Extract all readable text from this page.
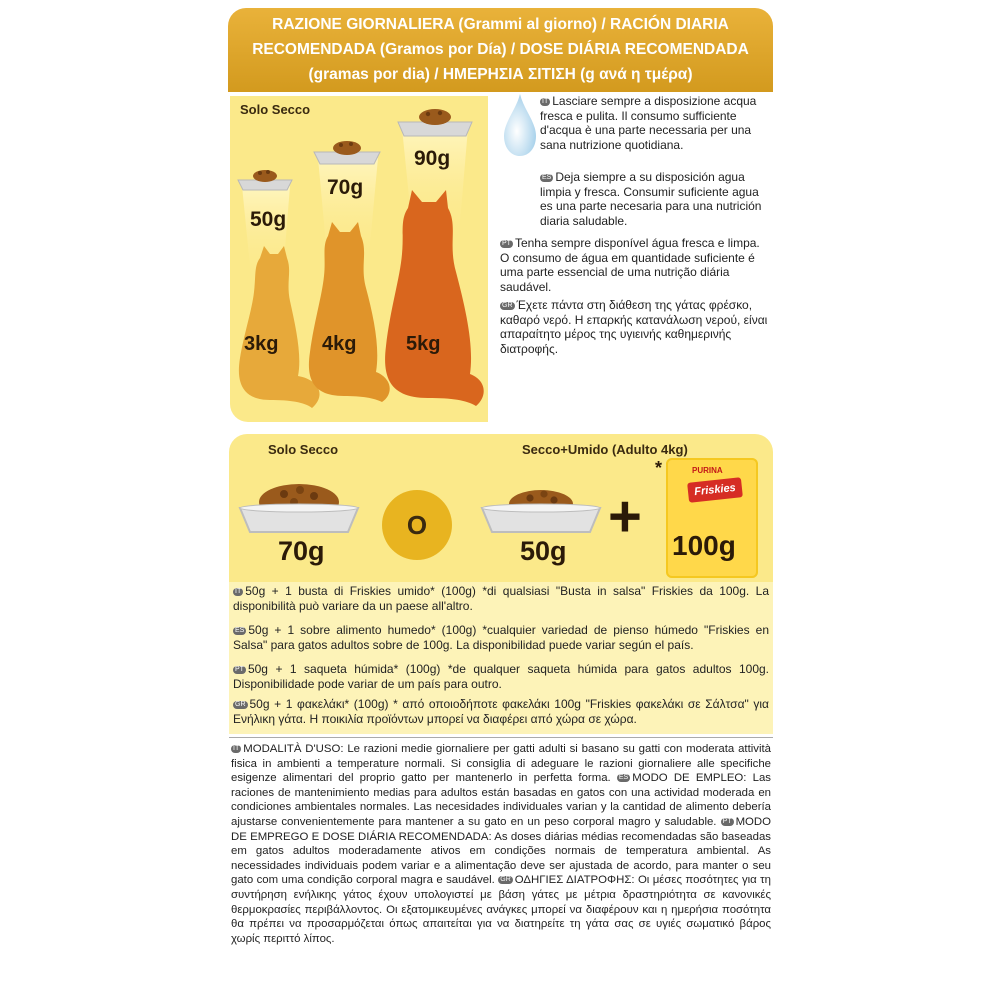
RAZIONE GIORNALIERA (Grammi al giorno) / RACIÓN DIARIA
RECOMENDADA (Gramos por Día) / DOSE DIÁRIA RECOMENDADA
(gramas por dia) / ΗΜΕΡΗΣΙΑ ΣΙΤΙΣΗ (g ανά η τμέρα)
Solo Secco
50g
70g
90g
3kg 4kg 5kg
IT Lasciare sempre a disposizione acqua fresca e pulita. Il consumo sufficiente d'acqua è una parte necessaria per una sana nutrizione quotidiana.
ES Deja siempre a su disposición agua limpia y fresca. Consumir suficiente agua es una parte necesaria para una nutrición diaria saludable.
PT Tenha sempre disponível água fresca e limpa. O consumo de água em quantidade suficiente é uma parte essencial de uma nutrição diária saudável.
GR Έχετε πάντα στη διάθεση της γάτας φρέσκο, καθαρό νερό. Η επαρκής κατανάλωση νερού, είναι απαραίτητο μέρος της υγιεινής καθημερινής διατροφής.
Solo Secco	Secco+Umido (Adulto 4kg)
70g
O
50g
+
*	PURINA
Friskies
100g
IT 50g + 1 busta di Friskies umido* (100g) *di qualsiasi "Busta in salsa" Friskies da 100g. La disponibilità può variare da un paese all'altro.
ES 50g + 1 sobre alimento humedo* (100g) *cualquier variedad de pienso húmedo "Friskies en Salsa" para gatos adultos sobre de 100g. La disponibilidad puede variar según el país.
PT 50g + 1 saqueta húmida* (100g) *de qualquer saqueta húmida para gatos adultos 100g. Disponibilidade pode variar de um país para outro.
GR 50g + 1 φακελάκι* (100g) * από οποιοδήποτε φακελάκι 100g "Friskies φακελάκι σε Σάλτσα" για Ενήλικη γάτα. Η ποικιλία προϊόντων μπορεί να διαφέρει από χώρα σε χώρα.
IT MODALITÀ D'USO: Le razioni medie giornaliere per gatti adulti si basano su gatti con moderata attività fisica in ambienti a temperature normali. Si consiglia di adeguare le razioni giornaliere alle specifiche esigenze alimentari del proprio gatto per mantenerlo in perfetta forma. ES MODO DE EMPLEO: Las raciones de mantenimiento medias para adultos están basadas en gatos con una actividad moderada en condiciones ambientales normales. Las necesidades individuales varian y la cantidad de alimento debería ajustarse convenientemente para mantener a su gato en un peso corporal magro y saludable. PT MODO DE EMPREGO E DOSE DIÁRIA RECOMENDADA: As doses diárias médias recomendadas são baseadas em gatos adultos moderadamente ativos em condições normais de temperatura ambiental. As necessidades individuais podem variar e a alimentação deve ser ajustada de acordo, para manter o seu gato com uma condição corporal magra e saudável. GR ΟΔΗΓΙΕΣ ΔΙΑΤΡΟΦΗΣ: Οι μέσες ποσότητες για τη συντήρηση ενήλικης γάτος έχουν υπολογιστεί με βάση γάτες με μέτρια δραστηριότητα σε κανονικές θερμοκρασίες περιβάλλοντος. Οι εξατομικευμένες ανάγκες μπορεί να διαφέρουν και η ημερήσια ποσότητα θα πρέπει να προσαρμόζεται όπως απαιτείται για να διατηρείτε τη γάτα σας σε υγιές σωματικό βάρος χωρίς περιττό λίπος.
